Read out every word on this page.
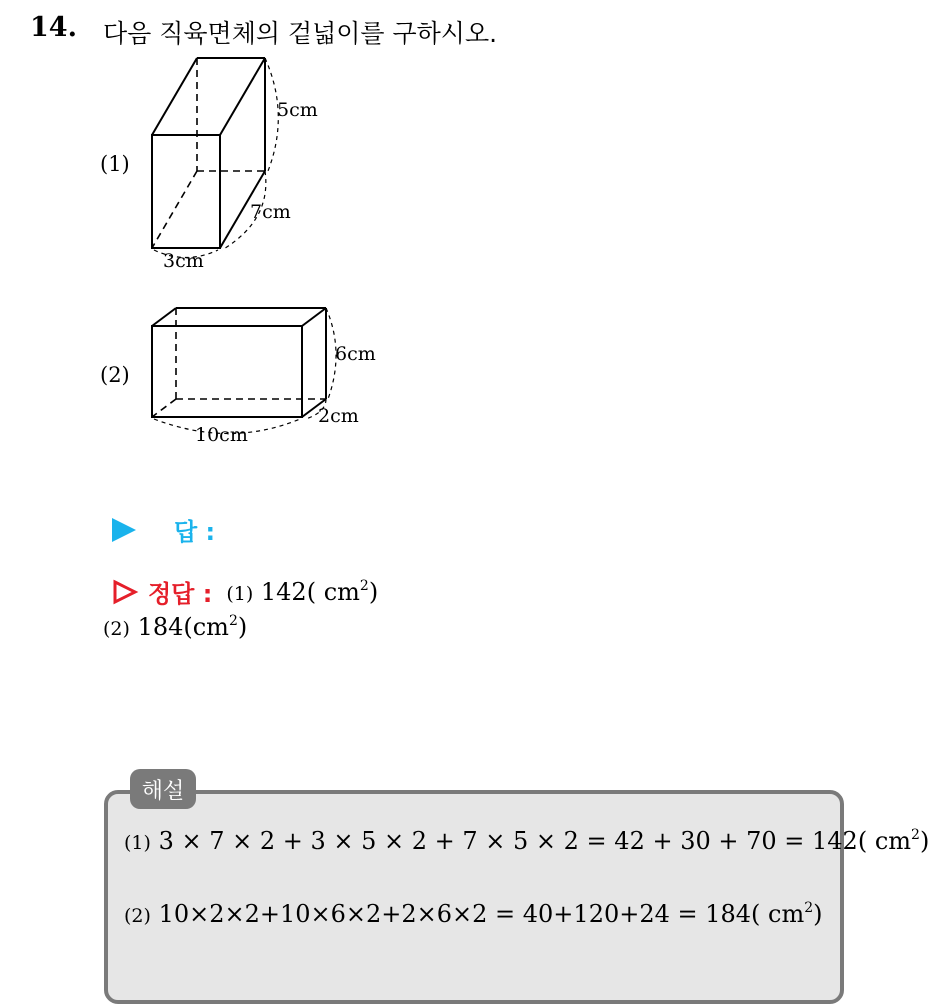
14. 다음 직육면체의 겉넓이를 구하시오.
(1)
5cm
7cm
3cm
(2)
6cm
2cm
10cm
답 :
정답 : (1) 142( $cm^2$)
(2) $184(cm^2)$
해설
(1) 3 × 7 × 2 + 3 × 5 × 2 + 7 × 5 × 2 = 42 + 30 + 70 = 142( $cm^2$)
(2) 10×2×2+10×6×2+2×6×2 = 40+120+24 = 184( $cm^2$)
